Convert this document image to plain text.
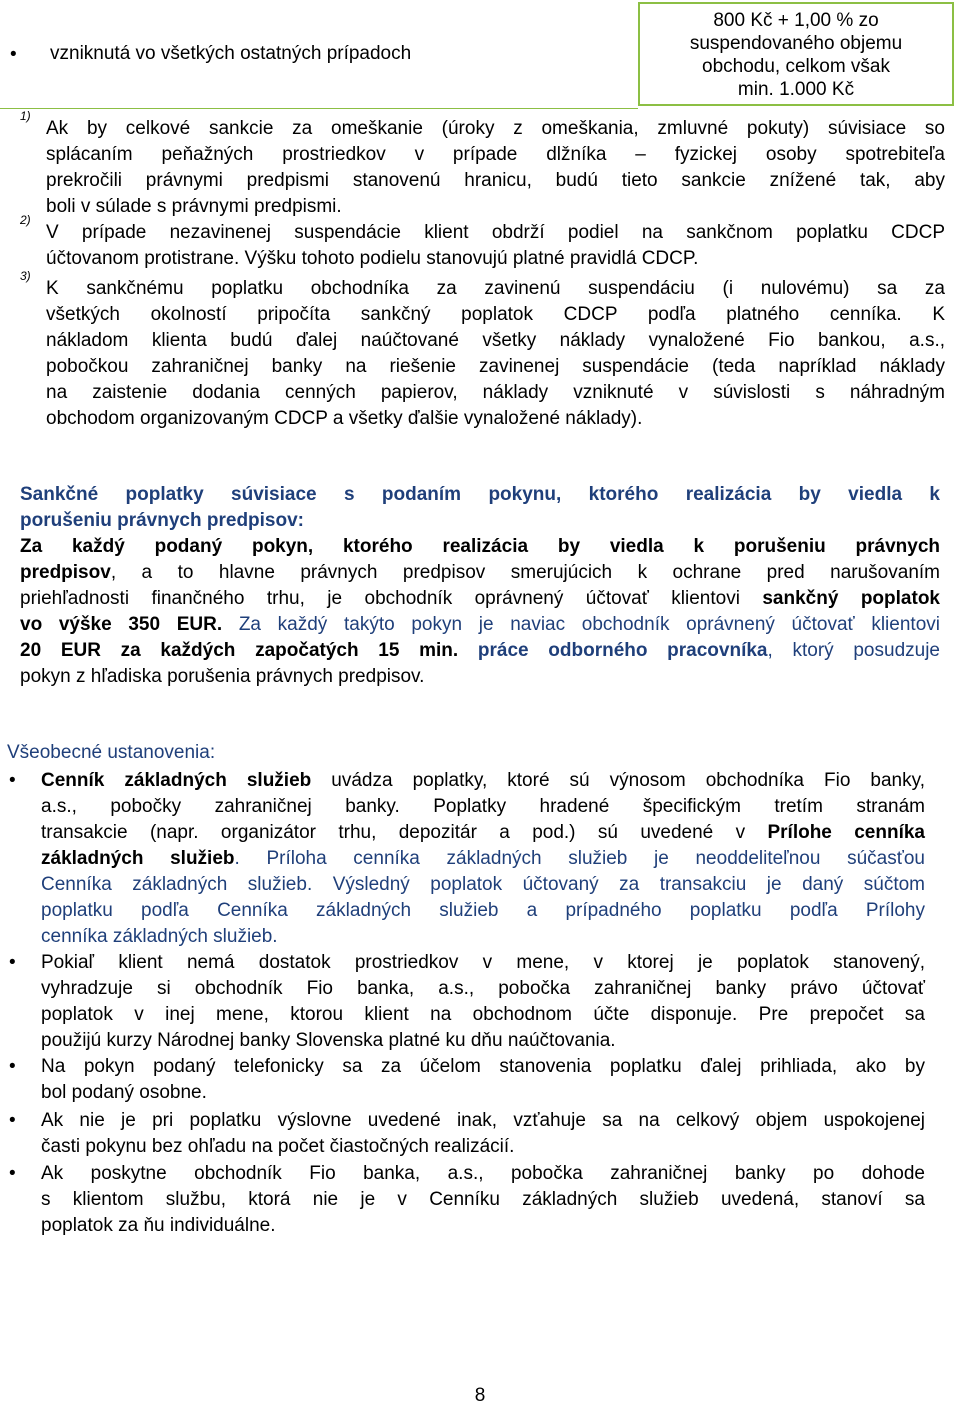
• vzniknutá vo všetkých ostatných prípadoch
800 Kč + 1,00 % zo
suspendovaného objemu
obchodu, celkom však
min. 1.000 Kč
1)
Ak by celkové sankcie za omeškanie (úroky z omeškania, zmluvné pokuty) súvisiace so
splácaním peňažných prostriedkov v prípade dlžníka – fyzickej osoby spotrebiteľa
prekročili právnymi predpismi stanovenú hranicu, budú tieto sankcie znížené tak, aby
boli v súlade s právnymi predpismi.
2)
V prípade nezavinenej suspendácie klient obdrží podiel na sankčnom poplatku CDCP
účtovanom protistrane. Výšku tohoto podielu stanovujú platné pravidlá CDCP.
3)
K sankčnému poplatku obchodníka za zavinenú suspendáciu (i nulovému) sa za
všetkých okolností pripočíta sankčný poplatok CDCP podľa platného cenníka. K
nákladom klienta budú ďalej naúčtované všetky náklady vynaložené Fio bankou, a.s.,
pobočkou zahraničnej banky na riešenie zavinenej suspendácie (teda napríklad náklady
na zaistenie dodania cenných papierov, náklady vzniknuté v súvislosti s náhradným
obchodom organizovaným CDCP a všetky ďalšie vynaložené náklady).
Sankčné poplatky súvisiace s podaním pokynu, ktorého realizácia by viedla k
porušeniu právnych predpisov:
Za každý podaný pokyn, ktorého realizácia by viedla k porušeniu právnych
predpisov, a to hlavne právnych predpisov smerujúcich k ochrane pred narušovaním
priehľadnosti finančného trhu, je obchodník oprávnený účtovať klientovi sankčný poplatok
vo výške 350 EUR. Za každý takýto pokyn je naviac obchodník oprávnený účtovať klientovi
20 EUR za každých započatých 15 min. práce odborného pracovníka, ktorý posudzuje
pokyn z hľadiska porušenia právnych predpisov.
Všeobecné ustanovenia:
• Cenník základných služieb uvádza poplatky, ktoré sú výnosom obchodníka Fio banky,
a.s., pobočky zahraničnej banky. Poplatky hradené špecifickým tretím stranám
transakcie (napr. organizátor trhu, depozitár a pod.) sú uvedené v Prílohe cenníka
základných služieb. Príloha cenníka základných služieb je neoddeliteľnou súčasťou
Cenníka základných služieb. Výsledný poplatok účtovaný za transakciu je daný súčtom
poplatku podľa Cenníka základných služieb a prípadného poplatku podľa Prílohy
cenníka základných služieb.
• Pokiaľ klient nemá dostatok prostriedkov v mene, v ktorej je poplatok stanovený,
vyhradzuje si obchodník Fio banka, a.s., pobočka zahraničnej banky právo účtovať
poplatok v inej mene, ktorou klient na obchodnom účte disponuje. Pre prepočet sa
použijú kurzy Národnej banky Slovenska platné ku dňu naúčtovania.
• Na pokyn podaný telefonicky sa za účelom stanovenia poplatku ďalej prihliada, ako by
bol podaný osobne.
• Ak nie je pri poplatku výslovne uvedené inak, vzťahuje sa na celkový objem uspokojenej
časti pokynu bez ohľadu na počet čiastočných realizácií.
• Ak poskytne obchodník Fio banka, a.s., pobočka zahraničnej banky po dohode
s klientom službu, ktorá nie je v Cenníku základných služieb uvedená, stanoví sa
poplatok za ňu individuálne.
8
